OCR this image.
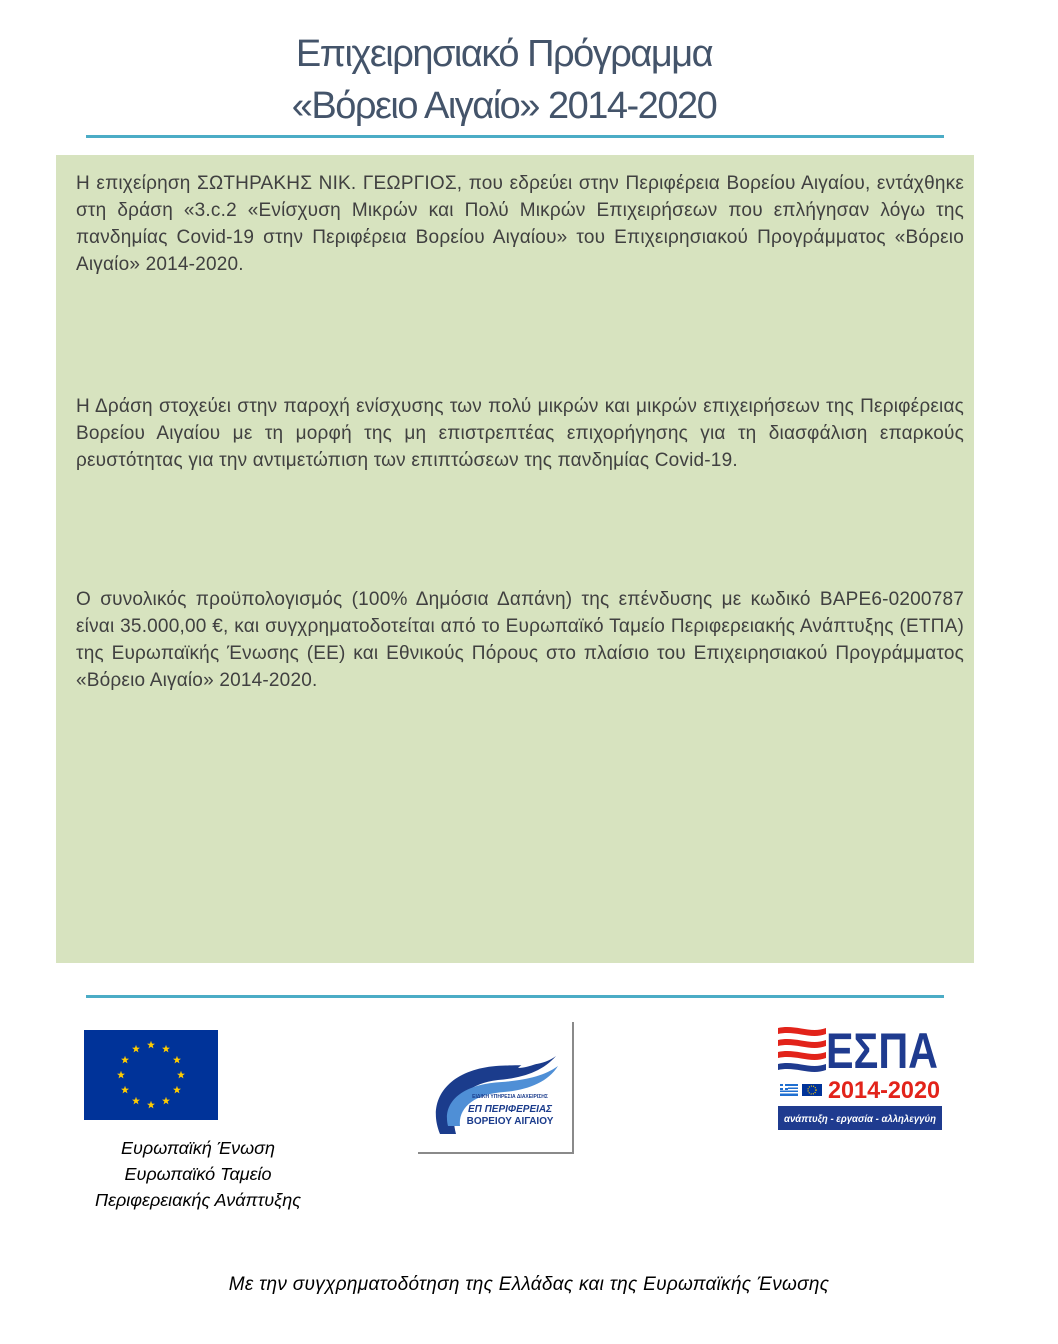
Επιχειρησιακό Πρόγραμμα
«Βόρειο Αιγαίο» 2014-2020

Η επιχείρηση ΣΩΤΗΡΑΚΗΣ ΝΙΚ. ΓΕΩΡΓΙΟΣ, που εδρεύει στην Περιφέρεια Βορείου Αιγαίου, εντάχθηκε στη δράση «3.c.2 «Ενίσχυση Μικρών και Πολύ Μικρών Επιχειρήσεων που επλήγησαν λόγω της πανδημίας Covid-19 στην Περιφέρεια Βορείου Αιγαίου» του Επιχειρησιακού Προγράμματος «Βόρειο Αιγαίο» 2014-2020.

Η Δράση στοχεύει στην παροχή ενίσχυσης των πολύ μικρών και μικρών επιχειρήσεων της Περιφέρειας Βορείου Αιγαίου με τη μορφή της μη επιστρεπτέας επιχορήγησης για τη διασφάλιση επαρκούς ρευστότητας για την αντιμετώπιση των επιπτώσεων της πανδημίας Covid-19.

Ο συνολικός προϋπολογισμός (100% Δημόσια Δαπάνη) της επένδυσης με κωδικό ΒΑΡΕ6-0200787 είναι 35.000,00 €, και συγχρηματοδοτείται από το Ευρωπαϊκό Ταμείο Περιφερειακής Ανάπτυξης (ΕΤΠΑ) της Ευρωπαϊκής Ένωσης (ΕΕ) και Εθνικούς Πόρους στο πλαίσιο του Επιχειρησιακού Προγράμματος «Βόρειο Αιγαίο» 2014-2020.

Ευρωπαϊκή Ένωση
Ευρωπαϊκό Ταμείο
Περιφερειακής Ανάπτυξης
ΕΙΔΙΚΗ ΥΠΗΡΕΣΙΑ ΔΙΑΧΕΙΡΙΣΗΣ
ΕΠ ΠΕΡΙΦΕΡΕΙΑΣ
ΒΟΡΕΙΟΥ ΑΙΓΑΙΟΥ
ΕΣΠΑ
2014-2020
ανάπτυξη - εργασία - αλληλεγγύη
Με την συγχρηματοδότηση της Ελλάδας και της Ευρωπαϊκής Ένωσης
